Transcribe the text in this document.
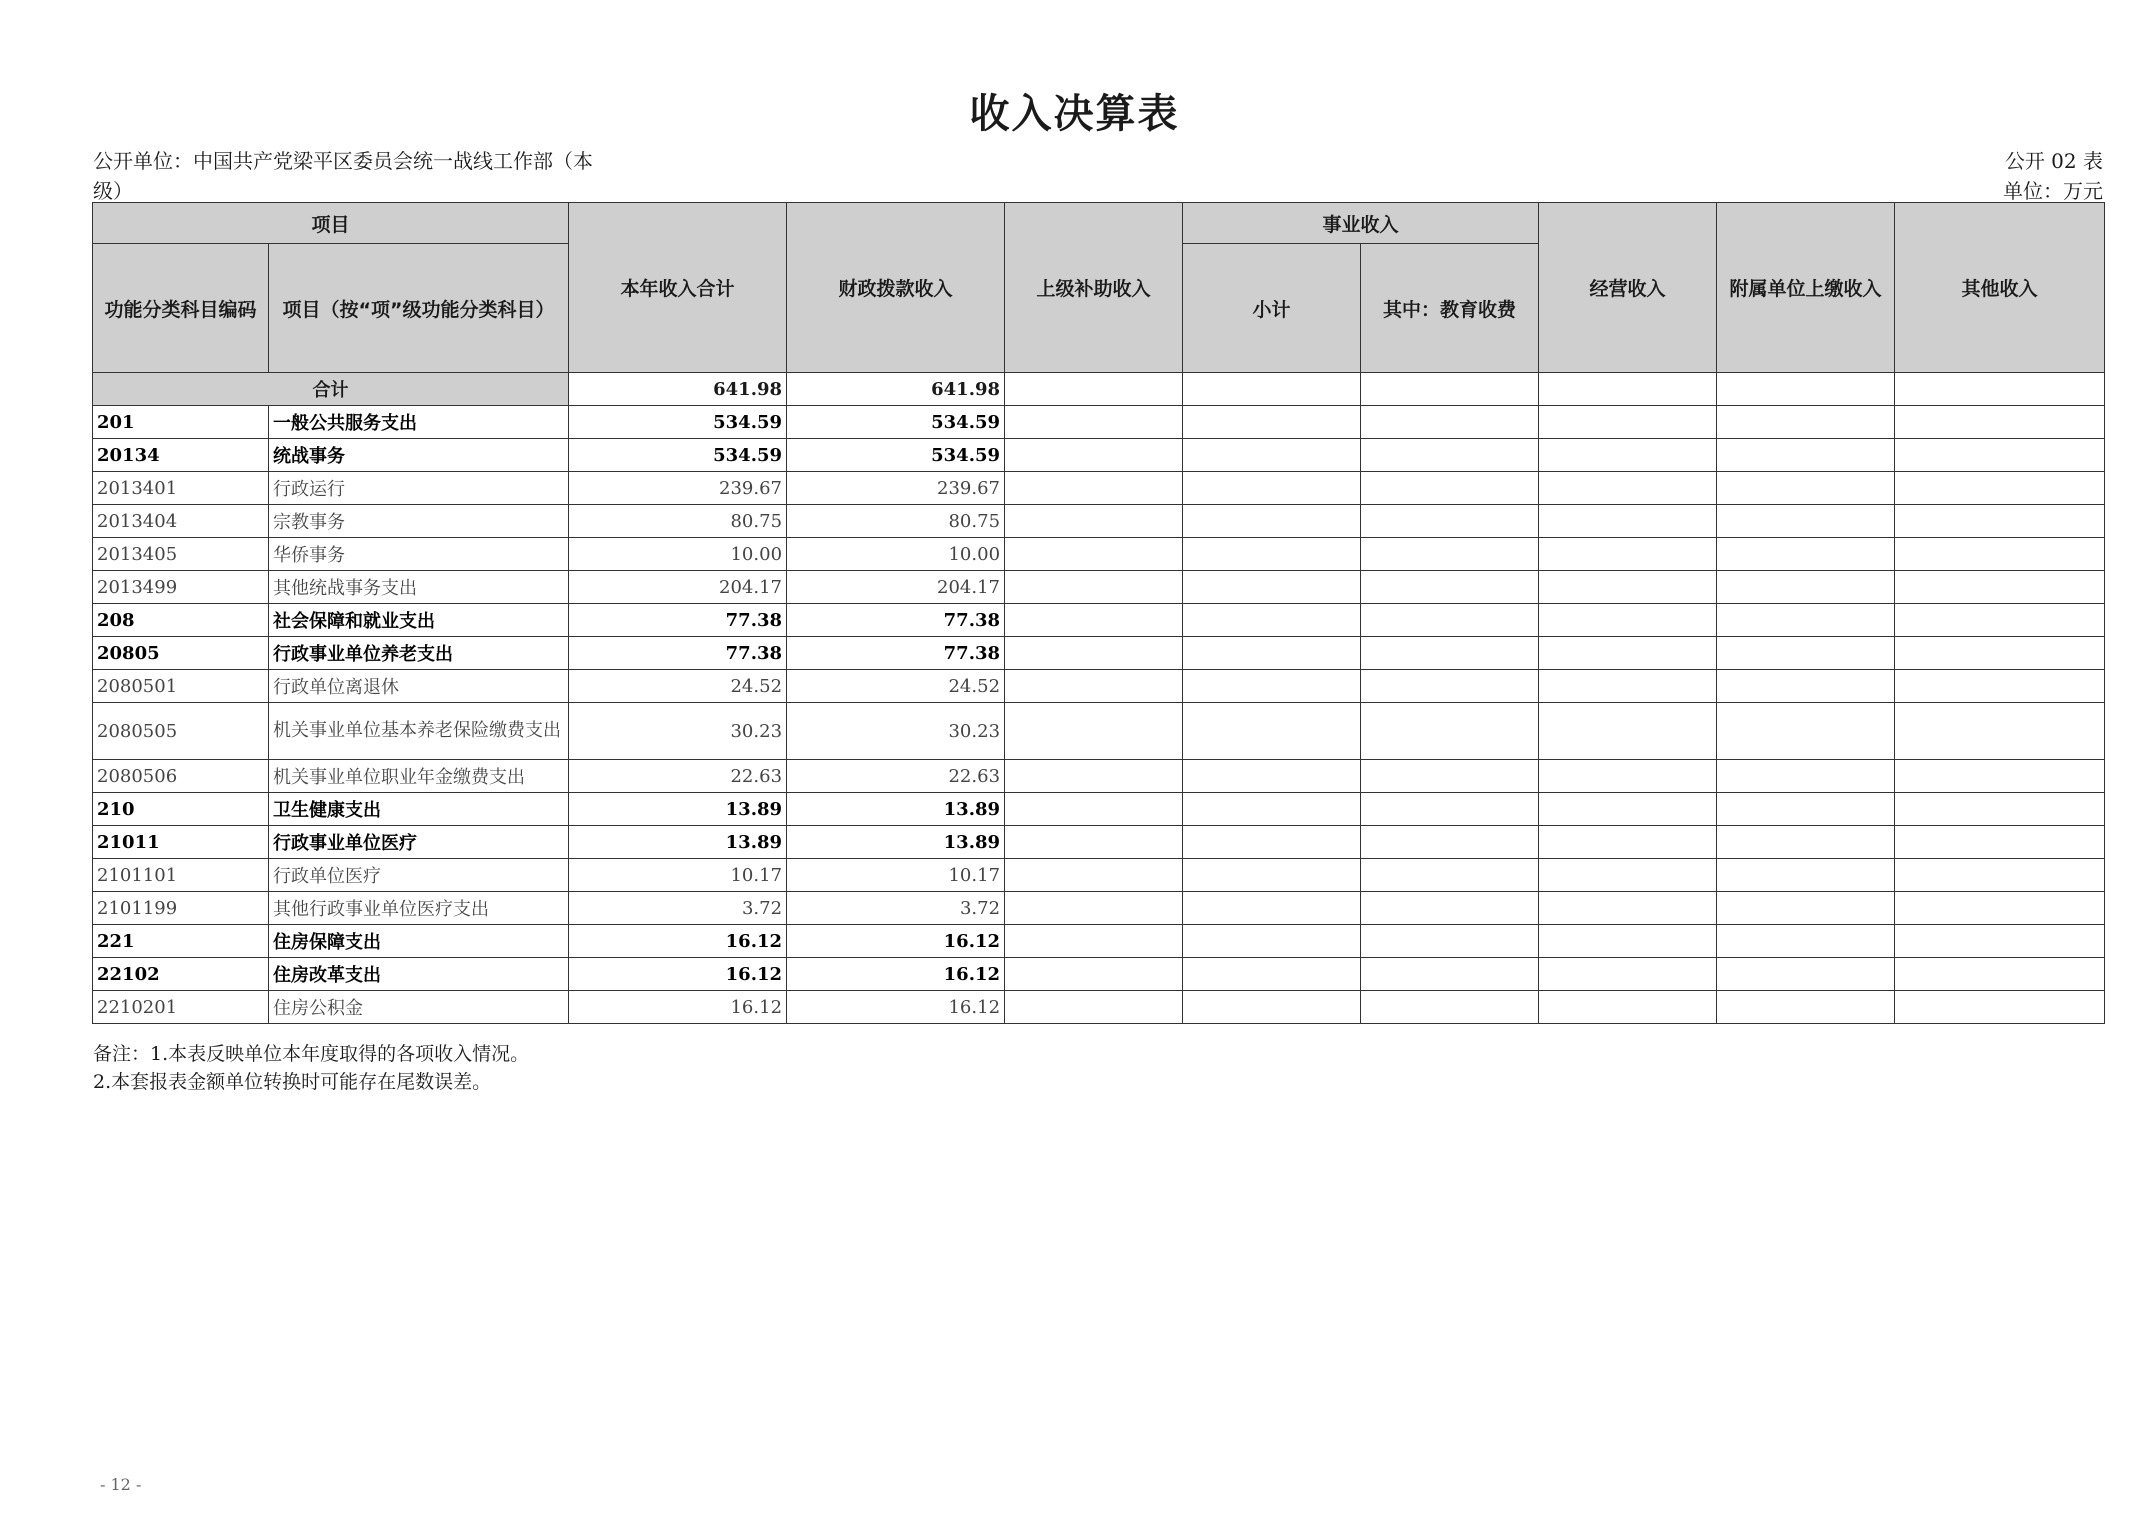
收入决算表
公开单位：中国共产党梁平区委员会统一战线工作部（本级）
公开 02 表
单位：万元
项目		本年收入合计	财政拨款收入	上级补助收入	事业收入		经营收入	附属单位上缴收入	其他收入
功能分类科目编码	项目（按“项”级功能分类科目）				小计	其中：教育收费			
合计		641.98	641.98						
201	一般公共服务支出	534.59	534.59						
20134	统战事务	534.59	534.59						
2013401	行政运行	239.67	239.67						
2013404	宗教事务	80.75	80.75						
2013405	华侨事务	10.00	10.00						
2013499	其他统战事务支出	204.17	204.17						
208	社会保障和就业支出	77.38	77.38						
20805	行政事业单位养老支出	77.38	77.38						
2080501	行政单位离退休	24.52	24.52						
2080505	机关事业单位基本养老保险缴费支出	30.23	30.23						
2080506	机关事业单位职业年金缴费支出	22.63	22.63						
210	卫生健康支出	13.89	13.89						
21011	行政事业单位医疗	13.89	13.89						
2101101	行政单位医疗	10.17	10.17						
2101199	其他行政事业单位医疗支出	3.72	3.72						
221	住房保障支出	16.12	16.12						
22102	住房改革支出	16.12	16.12						
2210201	住房公积金	16.12	16.12						
备注：1.本表反映单位本年度取得的各项收入情况。
2.本套报表金额单位转换时可能存在尾数误差。
- 12 -
